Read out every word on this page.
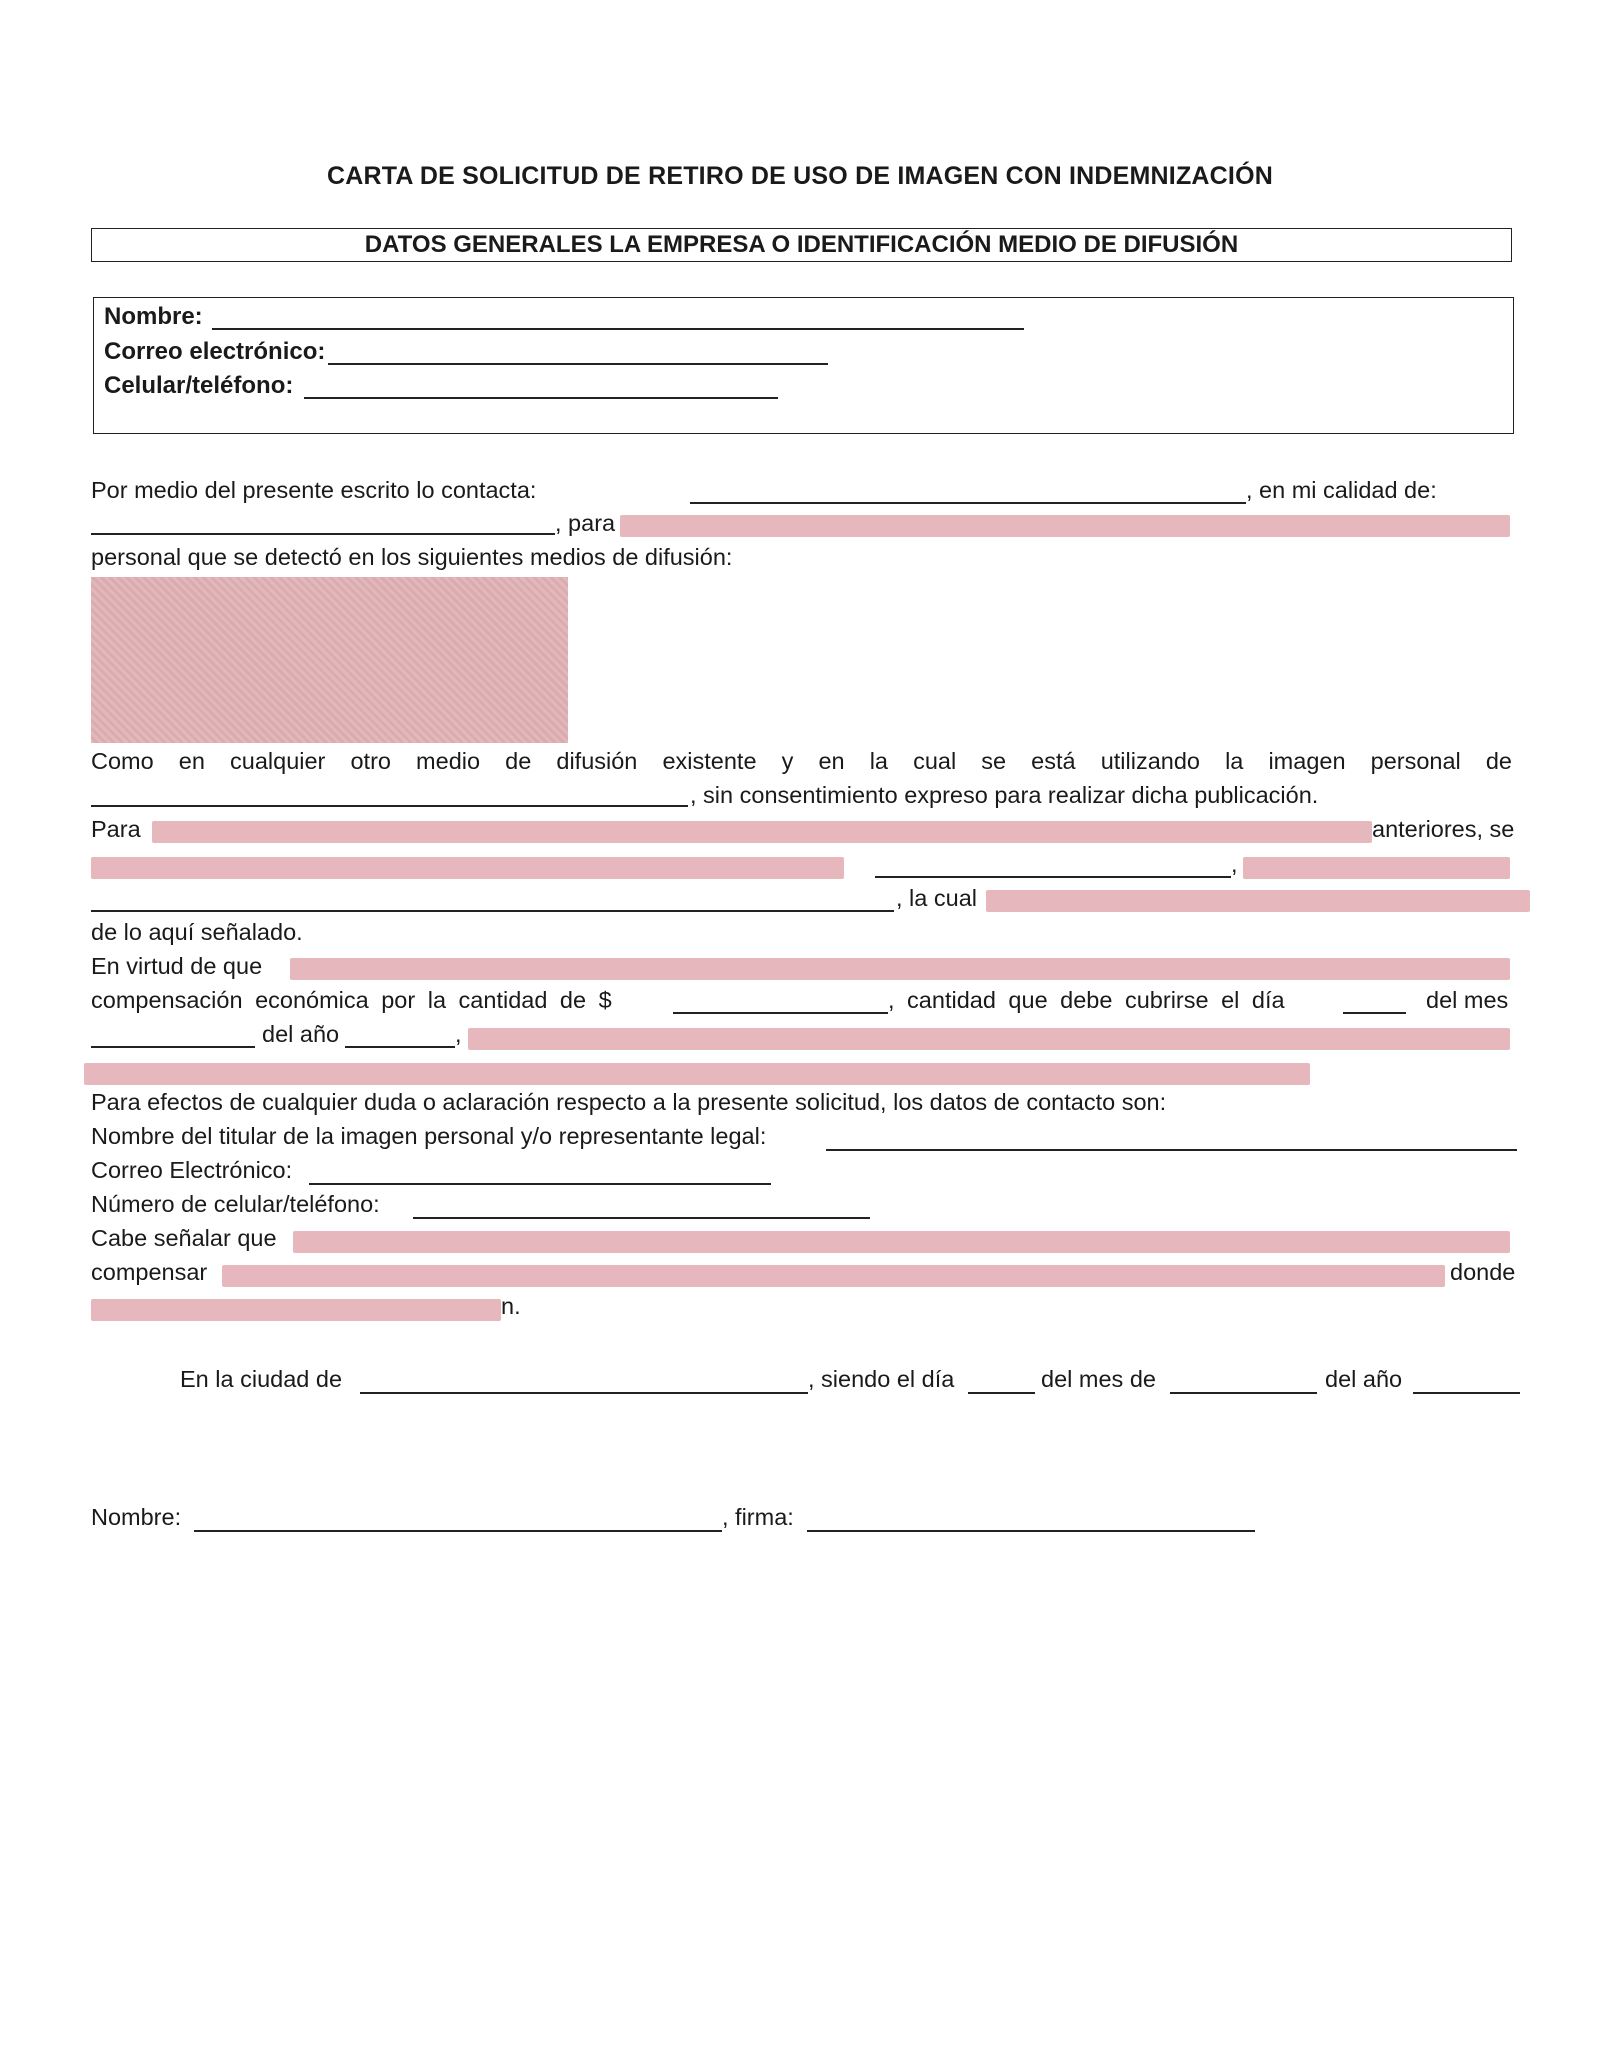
CARTA DE SOLICITUD DE RETIRO DE USO DE IMAGEN CON INDEMNIZACIÓN
DATOS GENERALES LA EMPRESA O IDENTIFICACIÓN MEDIO DE DIFUSIÓN
Nombre:
Correo electrónico:
Celular/teléfono:
Por medio del presente escrito lo contacta:	, en mi calidad de:
, para
personal que se detectó en los siguientes medios de difusión:
Como en cualquier otro medio de difusión existente y en la cual se está utilizando la imagen personal de
, sin consentimiento expreso para realizar dicha publicación.
Para	anteriores, se
,
, la cual
de lo aquí señalado.
En virtud de que
compensación económica por la cantidad de $	, cantidad que debe cubrirse el día	del mes
del año	,
Para efectos de cualquier duda o aclaración respecto a la presente solicitud, los datos de contacto son:
Nombre del titular de la imagen personal y/o representante legal:
Correo Electrónico:
Número de celular/teléfono:
Cabe señalar que
compensar	donde
n.
En la ciudad de	, siendo el día	del mes de	del año
Nombre:	, firma:
